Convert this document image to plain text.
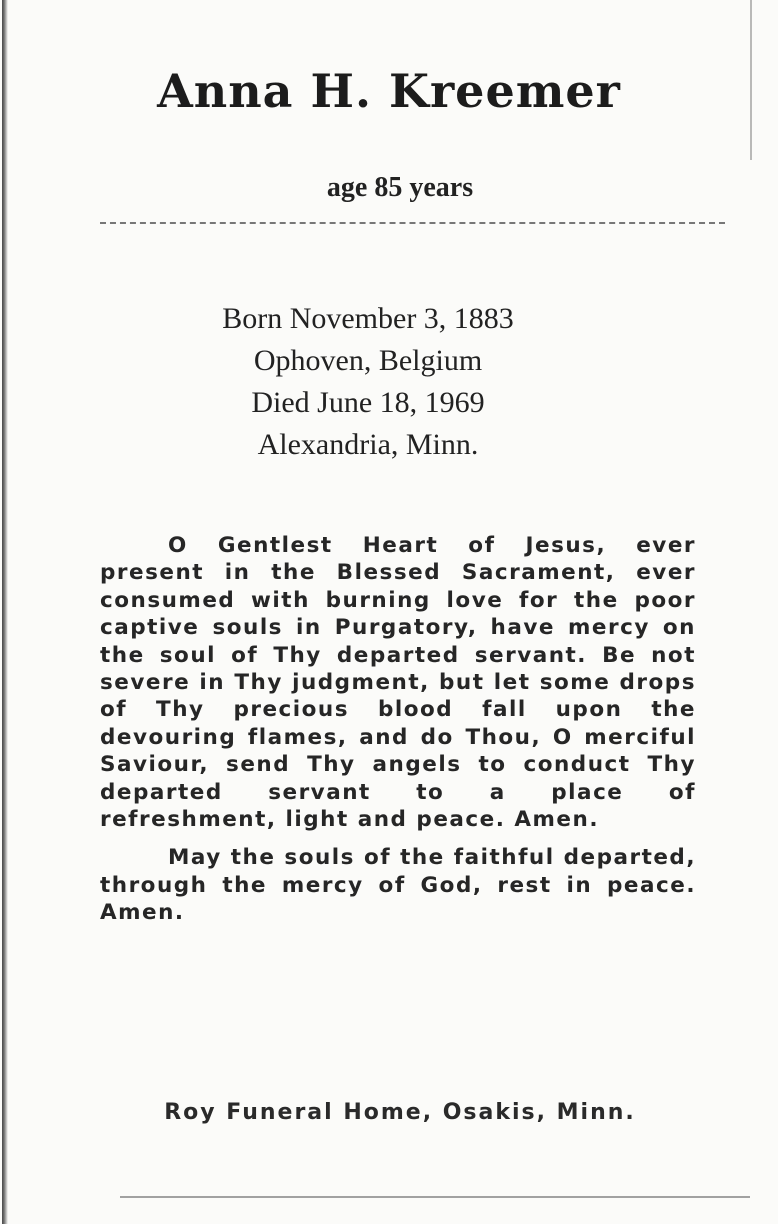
Anna H. Kreemer
age 85 years
Born November 3, 1883
Ophoven, Belgium
Died June 18, 1969
Alexandria, Minn.

O Gentlest Heart of Jesus, ever present in the Blessed Sacrament, ever consumed with burning love for the poor captive souls in Purgatory, have mercy on the soul of Thy departed servant. Be not severe in Thy judgment, but let some drops of Thy precious blood fall upon the devouring flames, and do Thou, O merciful Saviour, send Thy angels to conduct Thy departed servant to a place of refreshment, light and peace. Amen.

May the souls of the faithful departed, through the mercy of God, rest in peace. Amen.

Roy Funeral Home, Osakis, Minn.
